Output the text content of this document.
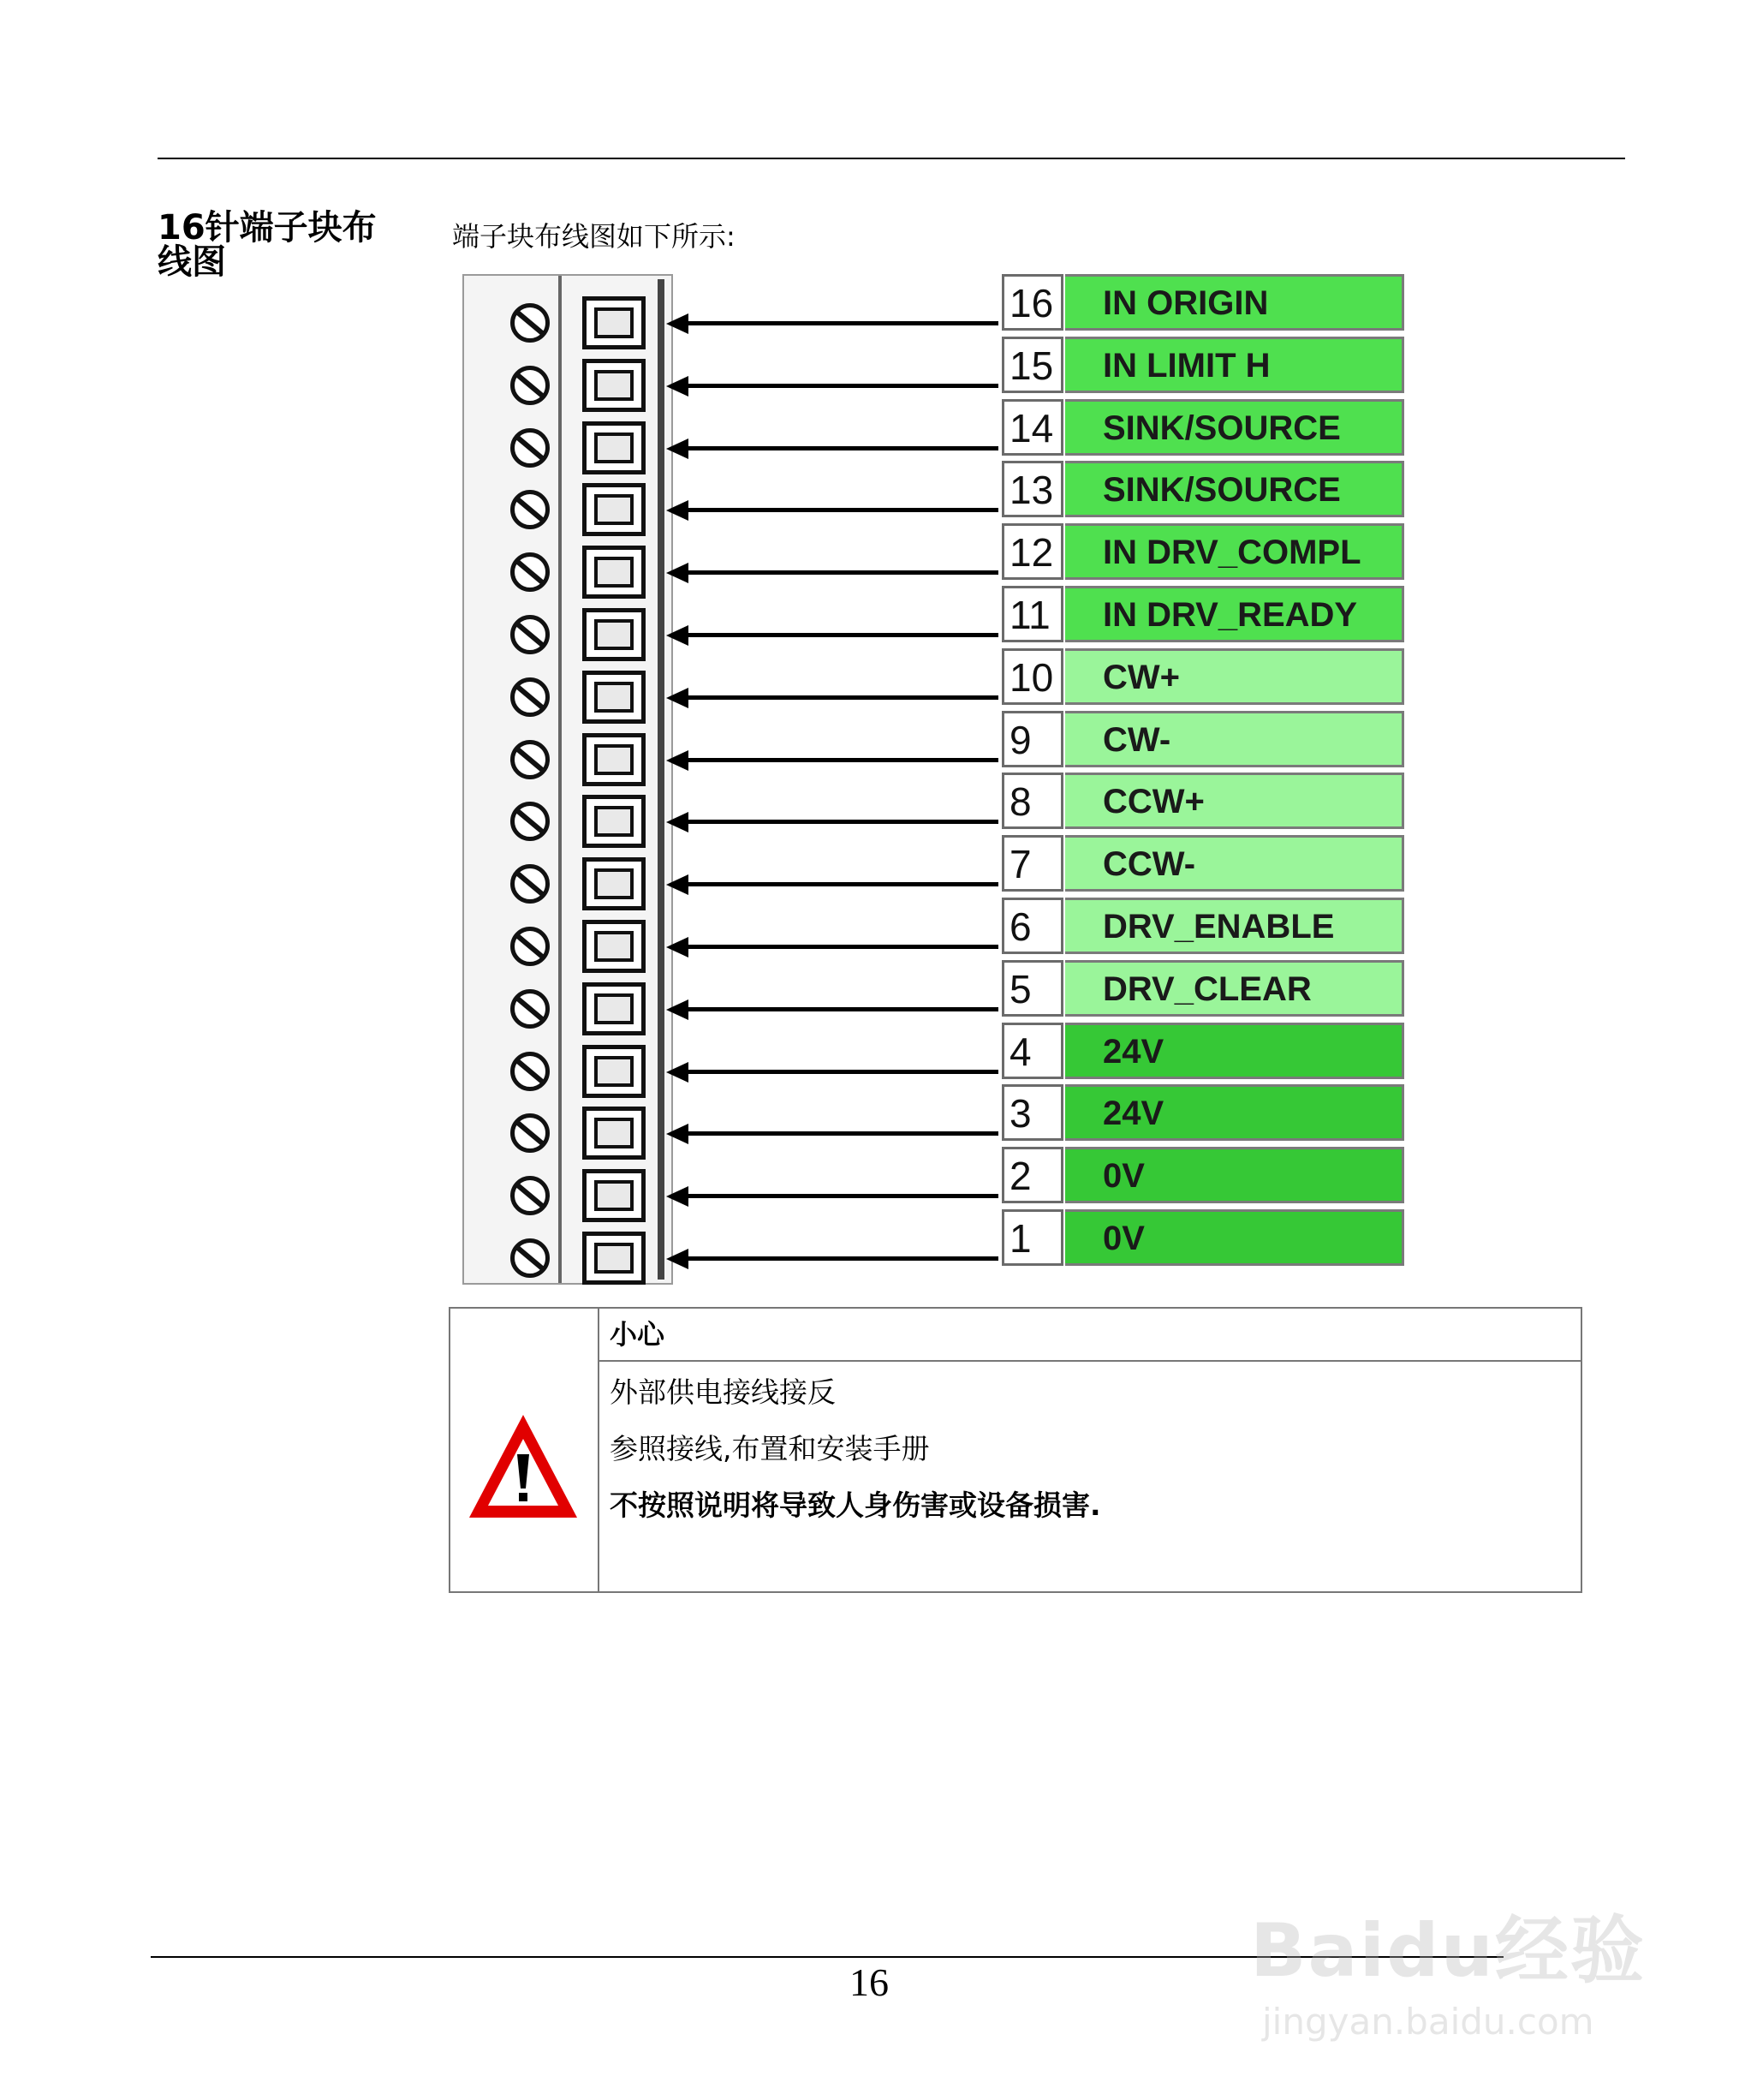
16针端子块布线图
端子块布线图如下所示:
16	IN ORIGIN
15	IN LIMIT H
14	SINK/SOURCE
13	SINK/SOURCE
12	IN DRV_COMPL
11	IN DRV_READY
10	CW+
9	CW-
8	CCW+
7	CCW-
6	DRV_ENABLE
5	DRV_CLEAR
4	24V
3	24V
2	0V
1	0V
小心
外部供电接线接反
参照接线,布置和安装手册
不按照说明将导致人身伤害或设备损害.
16	Baidu经验
jingyan.baidu.com
